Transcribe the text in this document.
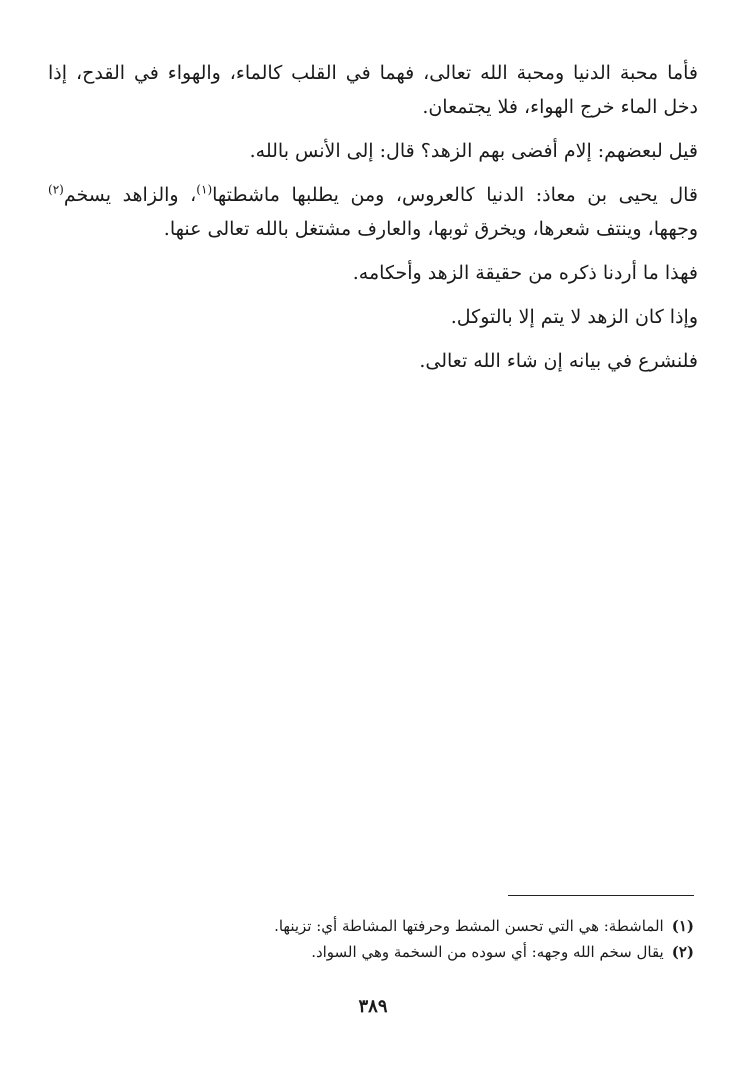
فأما محبة الدنيا ومحبة الله تعالى، فهما في القلب كالماء، والهواء في القدح، إذا دخل الماء خرج الهواء، فلا يجتمعان.

قيل لبعضهم: إلام أفضى بهم الزهد؟ قال: إلى الأنس بالله.

قال يحيى بن معاذ: الدنيا كالعروس، ومن يطلبها ماشطتها$^{(١)}$، والزاهد يسخم$^{(٢)}$ وجهها، وينتف شعرها، ويخرق ثوبها، والعارف مشتغل بالله تعالى عنها.

فهذا ما أردنا ذكره من حقيقة الزهد وأحكامه.

وإذا كان الزهد لا يتم إلا بالتوكل.

فلنشرع في بيانه إن شاء الله تعالى.

(١)الماشطة: هي التي تحسن المشط وحرفتها المشاطة أي: تزينها.

(٢)يقال سخم الله وجهه: أي سوده من السخمة وهي السواد.

٣٨٩
